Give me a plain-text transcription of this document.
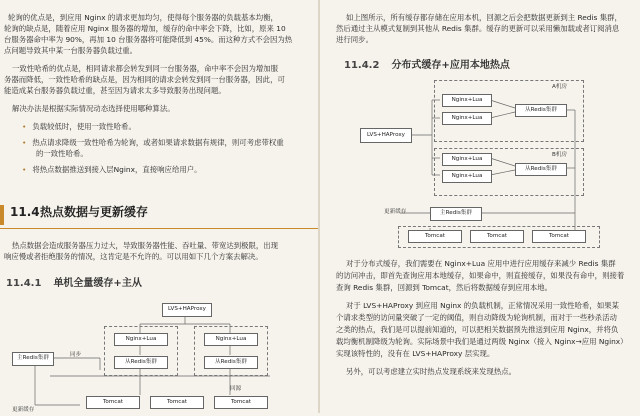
轮询的优点是，到应用 Nginx 的请求更加均匀，使得每个服务器的负载基本均衡，
轮询的缺点是，随着应用 Nginx 服务器的增加，缓存的命中率会下降，比如，原来 10
台服务器命中率为 90%，再加 10 台服务器将可能降低到 45%。而这种方式不会因为热
点问题导致其中某一台服务器负载过重。
一致性哈希的优点是，相同请求都会转发到同一台服务器，命中率不会因为增加服
务器而降低，一致性哈希的缺点是，因为相同的请求会转发到同一台服务器，因此，可
能造成某台服务器负载过重，甚至因为请求太多导致服务出现问题。
解决办法是根据实际情况动态选择使用哪种算法。
• 负载较低时，使用一致性哈希。
• 热点请求降级一致性哈希为轮询，或者如果请求数据有规律，则可考虑带权重
的一致性哈希。
• 将热点数据推送到接入层Nginx，直接响应给用户。
11.4 热点数据与更新缓存
热点数据会造成服务器压力过大，导致服务器性能、吞吐量、带宽达到极限，出现
响应慢或者拒绝服务的情况，这肯定是不允许的。可以用如下几个方案去解决。
11.4.1 单机全量缓存+主从
LVS+HAProxy
Nginx+Lua	Nginx+Lua
从Redis集群	从Redis集群
主Redis集群
同步
回源
Tomcat	Tomcat	Tomcat
更新缓存
如上图所示，所有缓存都存储在应用本机，回源之后会把数据更新到主 Redis 集群，
然后通过主从模式复制到其他从 Redis 集群。缓存的更新可以采用懒加载或者订阅消息
进行同步。
11.4.2 分布式缓存+应用本地热点
LVS+HAProxy
A机房
B机房
Nginx+Lua
Nginx+Lua
Nginx+Lua
Nginx+Lua
从Redis集群
从Redis集群
主Redis集群
更新缓存
Tomcat	Tomcat	Tomcat
对于分布式缓存，我们需要在 Nginx+Lua 应用中进行应用缓存来减少 Redis 集群
的访问冲击，即首先查询应用本地缓存，如果命中，则直接缓存，如果没有命中，则接着
查询 Redis 集群，回源到 Tomcat，然后将数据缓存到应用本地。
对于 LVS+HAProxy 到应用 Nginx 的负载机制，正常情况采用一致性哈希，如果某
个请求类型的访问量突破了一定的阈值，则自动降级为轮询机制，而对于一些秒杀活动
之类的热点，我们是可以提前知道的，可以把相关数据预先推送到应用 Nginx，并将负
载均衡机制降级为轮询。实际场景中我们是通过两级 Nginx（接入 Nginx→应用 Nginx）
实现该特性的，没有在 LVS+HAProxy 层实现。
另外，可以考虑建立实时热点发现系统来发现热点。
